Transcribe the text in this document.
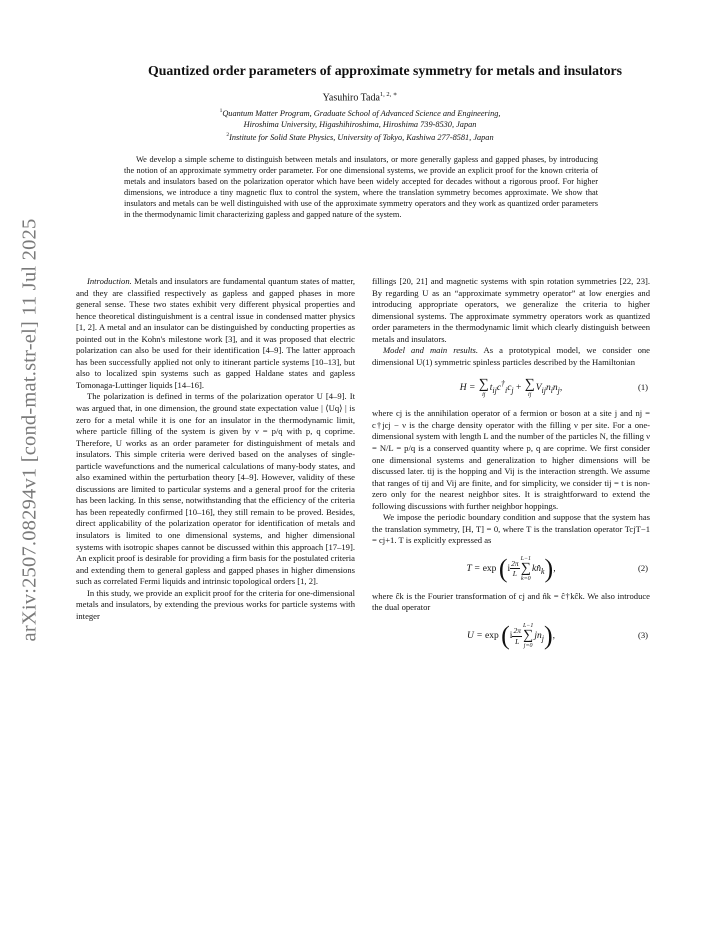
arXiv:2507.08294v1 [cond-mat.str-el] 11 Jul 2025
Quantized order parameters of approximate symmetry for metals and insulators
Yasuhiro Tada$^{1, 2, ∗}$
$^1$Quantum Matter Program, Graduate School of Advanced Science and Engineering,
Hiroshima University, Higashihiroshima, Hiroshima 739-8530, Japan
$^2$Institute for Solid State Physics, University of Tokyo, Kashiwa 277-8581, Japan
We develop a simple scheme to distinguish between metals and insulators, or more generally gapless and gapped phases, by introducing the notion of an approximate symmetry order parameter. For one dimensional systems, we provide an explicit proof for the known criteria of metals and insulators based on the polarization operator which have been widely accepted for decades without a rigorous proof. For higher dimensions, we introduce a tiny magnetic flux to control the system, where the translation symmetry becomes approximate. We show that insulators and metals can be well distinguished with use of the approximate symmetry operators and they work as quantized order parameters in the thermodynamic limit characterizing gapless and gapped nature of the system.

Introduction. Metals and insulators are fundamental quantum states of matter, and they are classified respectively as gapless and gapped phases in more general sense. These two states exhibit very different physical properties and hence theoretical distinguishment is a central issue in condensed matter physics [1, 2]. A metal and an insulator can be distinguished by conducting properties as pointed out in the Kohn's milestone work [3], and it was proposed that electric polarization can also be used for their identification [4–9]. The latter approach has been successfully applied not only to itinerant particle systems [10–13], but also to localized spin systems such as gapped Haldane states and gapless Tomonaga-Luttinger liquids [14–16].

The polarization is defined in terms of the polarization operator U [4–9]. It was argued that, in one dimension, the ground state expectation value | ⟨Uq⟩ | is zero for a metal while it is one for an insulator in the thermodynamic limit, where particle filling of the system is given by ν = p/q with p, q coprime. Therefore, U works as an order parameter for distinguishment of metals and insulators. This simple criteria were derived based on the analyses of single-particle wavefunctions and the numerical calculations of many-body states, and also examined within the perturbation theory [4–9]. However, validity of these discussions are limited to particular systems and a general proof for the criteria has been lacking. In this sense, notwithstanding that the efficiency of the criteria has been repeatedly confirmed [10–16], they still remain to be proved. Besides, direct applicability of the polarization operator for identification of metals and insulators is limited to one dimensional systems, and higher dimensional systems with isotropic shapes cannot be discussed within this approach [17–19]. An explicit proof is desirable for providing a firm basis for the postulated criteria and extending them to general gapless and gapped phases in higher dimensions such as correlated Fermi liquids and intrinsic topological orders [1, 2].

In this study, we provide an explicit proof for the criteria for one-dimensional metals and insulators, by extending the previous works for particle systems with integer

fillings [20, 21] and magnetic systems with spin rotation symmetries [22, 23]. By regarding U as an “approximate symmetry operator” at low energies and introducing appropriate operators, we generalize the criteria to higher dimensional systems. The approximate symmetry operators work as quantized order parameters in the thermodynamic limit which clearly distinguish between metals and insulators.

Model and main results. As a prototypical model, we consider one dimensional U(1) symmetric spinless particles described by the Hamiltonian

H = ∑
ij
$t_{ij}c^\dagger_ic_j$ + ∑
ij
$V_{ij}n_in_j$,	(1)

where cj is the annihilation operator of a fermion or boson at a site j and nj = c†jcj − ν is the charge density operator with the filling ν per site. For a one-dimensional system with length L and the number of the particles N, the filling ν = N/L = p/q is a conserved quantity where p, q are coprime. We first consider one dimensional systems and generalization to higher dimensions will be discussed later. tij is the hopping and Vij is the interaction strength. We assume that ranges of tij and Vij are finite, and for simplicity, we consider tij = t is non-zero only for the nearest neighbor sites. It is straightforward to extend the following discussions with further neighbor hoppings.

We impose the periodic boundary condition and suppose that the system has the translation symmetry, [H, T] = 0, where T is the translation operator TcjT−1 = cj+1. T is explicitly expressed as

$T = \exp (i \frac{2\pi}{L}$
L−1
∑
k=0
$kn̂_k$),	(2)

where ĉk is the Fourier transformation of cj and n̂k = ĉ†kĉk. We also introduce the dual operator

$U = \exp (i \frac{2\pi}{L}$
L−1
∑
j=0
$jn_j$),	(3)
